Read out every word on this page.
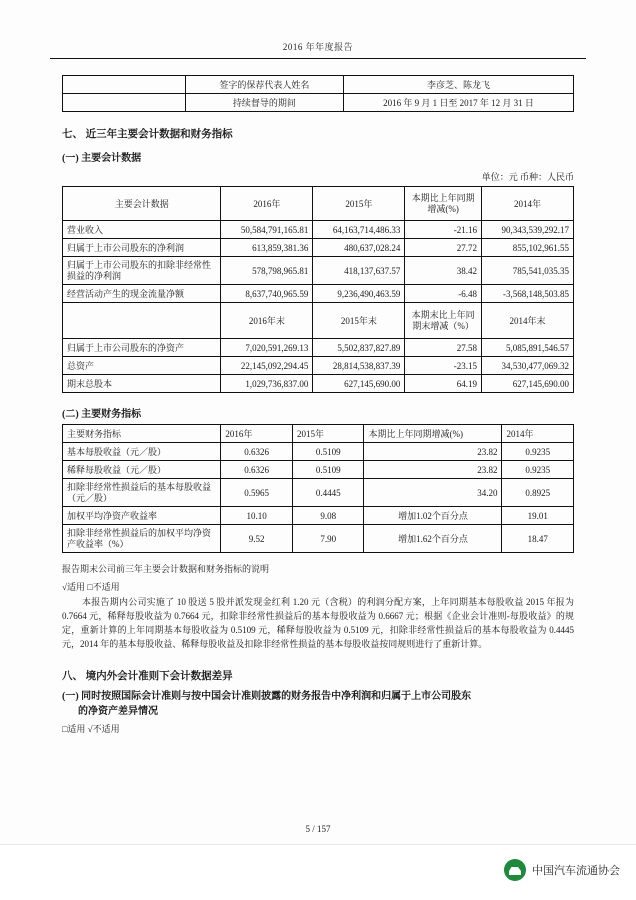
2016 年年度报告
	签字的保荐代表人姓名	李彦芝、陈龙飞
	持续督导的期间	2016 年 9 月 1 日至 2017 年 12 月 31 日
七、 近三年主要会计数据和财务指标
(一) 主要会计数据
单位：元 币种：人民币
主要会计数据	2016年	2015年	本期比上年同期增减(%)	2014年
营业收入	50,584,791,165.81	64,163,714,486.33	-21.16	90,343,539,292.17
归属于上市公司股东的净利润	613,859,381.36	480,637,028.24	27.72	855,102,961.55
归属于上市公司股东的扣除非经常性损益的净利润	578,798,965.81	418,137,637.57	38.42	785,541,035.35
经营活动产生的现金流量净额	8,637,740,965.59	9,236,490,463.59	-6.48	-3,568,148,503.85
	2016年末	2015年末	本期末比上年同期末增减（%）	2014年末
归属于上市公司股东的净资产	7,020,591,269.13	5,502,837,827.89	27.58	5,085,891,546.57
总资产	22,145,092,294.45	28,814,538,837.39	-23.15	34,530,477,069.32
期末总股本	1,029,736,837.00	627,145,690.00	64.19	627,145,690.00
(二) 主要财务指标
主要财务指标	2016年	2015年	本期比上年同期增减(%)	2014年
基本每股收益（元／股）	0.6326	0.5109	23.82	0.9235
稀释每股收益（元／股）	0.6326	0.5109	23.82	0.9235
扣除非经常性损益后的基本每股收益（元／股）	0.5965	0.4445	34.20	0.8925
加权平均净资产收益率	10.10	9.08	增加1.02个百分点	19.01
扣除非经常性损益后的加权平均净资产收益率（%）	9.52	7.90	增加1.62个百分点	18.47
报告期末公司前三年主要会计数据和财务指标的说明
√适用 □不适用
本报告期内公司实施了 10 股送 5 股并派发现金红利 1.20 元（含税）的利润分配方案，上年同期基本每股收益 2015 年报为 0.7664 元，稀释每股收益为 0.7664 元，扣除非经常性损益后的基本每股收益为 0.6667 元；根据《企业会计准则-每股收益》的规定，重新计算的上年同期基本每股收益为 0.5109 元，稀释每股收益为 0.5109 元，扣除非经常性损益后的基本每股收益为 0.4445 元，2014 年的基本每股收益、稀释每股收益及扣除非经常性损益的基本每股收益按同规则进行了重新计算。
八、 境内外会计准则下会计数据差异
(一) 同时按照国际会计准则与按中国会计准则披露的财务报告中净利润和归属于上市公司股东
的净资产差异情况
□适用 √不适用
5 / 157
中国汽车流通协会
